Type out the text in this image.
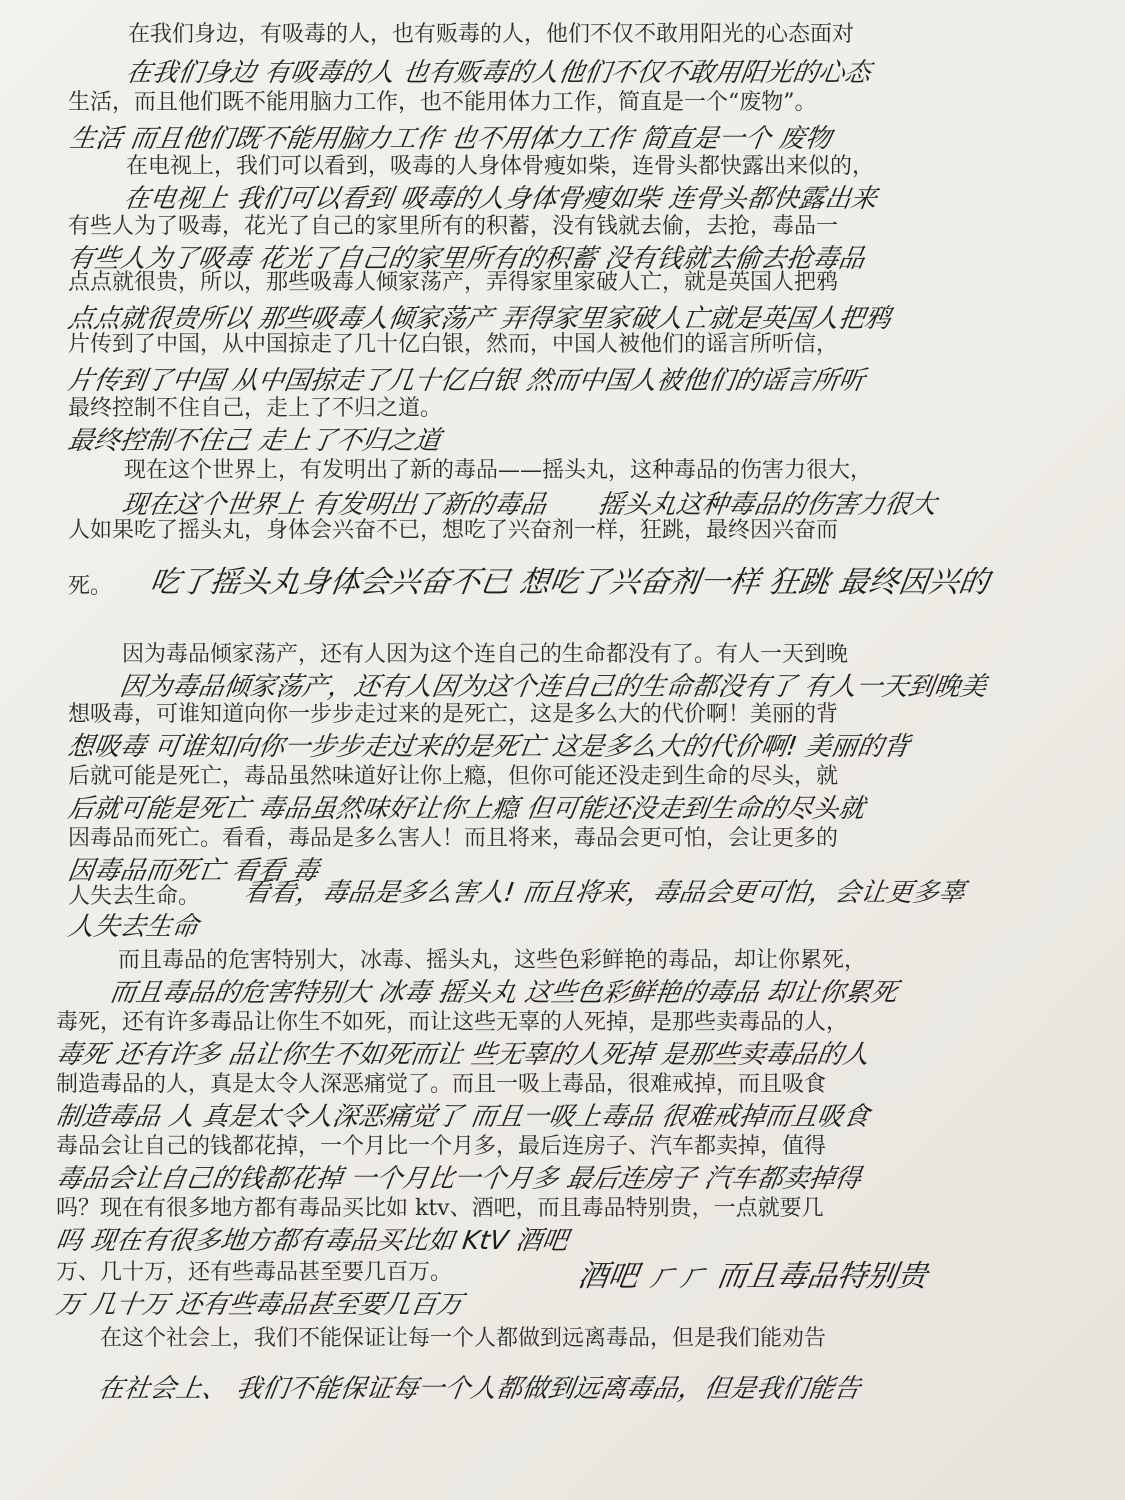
在我们身边，有吸毒的人，也有贩毒的人，他们不仅不敢用阳光的心态面对
在我们身边 有吸毒的人 也有贩毒的人他们不仅不敢用阳光的心态
生活，而且他们既不能用脑力工作，也不能用体力工作，简直是一个“废物”。
生活 而且他们既不能用脑力工作 也不用体力工作 简直是一个 废物
在电视上，我们可以看到，吸毒的人身体骨瘦如柴，连骨头都快露出来似的，
在电视上 我们可以看到 吸毒的人身体骨瘦如柴 连骨头都快露出来
有些人为了吸毒，花光了自己的家里所有的积蓄，没有钱就去偷，去抢，毒品一
有些人为了吸毒 花光了自己的家里所有的积蓄 没有钱就去偷去抢毒品
点点就很贵，所以，那些吸毒人倾家荡产，弄得家里家破人亡，就是英国人把鸦
点点就很贵所以 那些吸毒人倾家荡产 弄得家里家破人亡就是英国人把鸦
片传到了中国，从中国掠走了几十亿白银，然而，中国人被他们的谣言所听信，
片传到了中国 从中国掠走了几十亿白银 然而中国人被他们的谣言所听
最终控制不住自己，走上了不归之道。
最终控制不住己 走上了不归之道
现在这个世界上，有发明出了新的毒品——摇头丸，这种毒品的伤害力很大，
现在这个世界上 有发明出了新的毒品　　摇头丸这种毒品的伤害力很大
人如果吃了摇头丸，身体会兴奋不已，想吃了兴奋剂一样，狂跳，最终因兴奋而
死。 吃了摇头丸身体会兴奋不已 想吃了兴奋剂一样 狂跳 最终因兴的
因为毒品倾家荡产，还有人因为这个连自己的生命都没有了。有人一天到晚
因为毒品倾家荡产，还有人因为这个连自己的生命都没有了 有人一天到晚美
想吸毒，可谁知道向你一步步走过来的是死亡，这是多么大的代价啊！美丽的背
想吸毒 可谁知向你一步步走过来的是死亡 这是多么大的代价啊! 美丽的背
后就可能是死亡，毒品虽然味道好让你上瘾，但你可能还没走到生命的尽头，就
后就可能是死亡 毒品虽然味好让你上瘾 但可能还没走到生命的尽头就
因毒品而死亡。看看，毒品是多么害人！而且将来，毒品会更可怕，会让更多的
因毒品而死亡 看看 毒
人失去生命。 看看，毒品是多么害人! 而且将来，毒品会更可怕，会让更多辜
人失去生命
而且毒品的危害特别大，冰毒、摇头丸，这些色彩鲜艳的毒品，却让你累死，
而且毒品的危害特别大 冰毒 摇头丸 这些色彩鲜艳的毒品 却让你累死
毒死，还有许多毒品让你生不如死，而让这些无辜的人死掉，是那些卖毒品的人，
毒死 还有许多 品让你生不如死而让 些无辜的人死掉 是那些卖毒品的人
制造毒品的人，真是太令人深恶痛觉了。而且一吸上毒品，很难戒掉，而且吸食
制造毒品 人 真是太令人深恶痛觉了 而且一吸上毒品 很难戒掉而且吸食
毒品会让自己的钱都花掉，一个月比一个月多，最后连房子、汽车都卖掉，值得
毒品会让自己的钱都花掉 一个月比一个月多 最后连房子 汽车都卖掉得
吗？现在有很多地方都有毒品买比如 ktv、酒吧，而且毒品特别贵，一点就要几
吗 现在有很多地方都有毒品买比如 KtV 酒吧
万、几十万，还有些毒品甚至要几百万。	酒吧 ㄏㄏ 而且毒品特别贵
万 几十万 还有些毒品甚至要几百万
在这个社会上，我们不能保证让每一个人都做到远离毒品，但是我们能劝告
在社会上、 我们不能保证每一个人都做到远离毒品，但是我们能告
